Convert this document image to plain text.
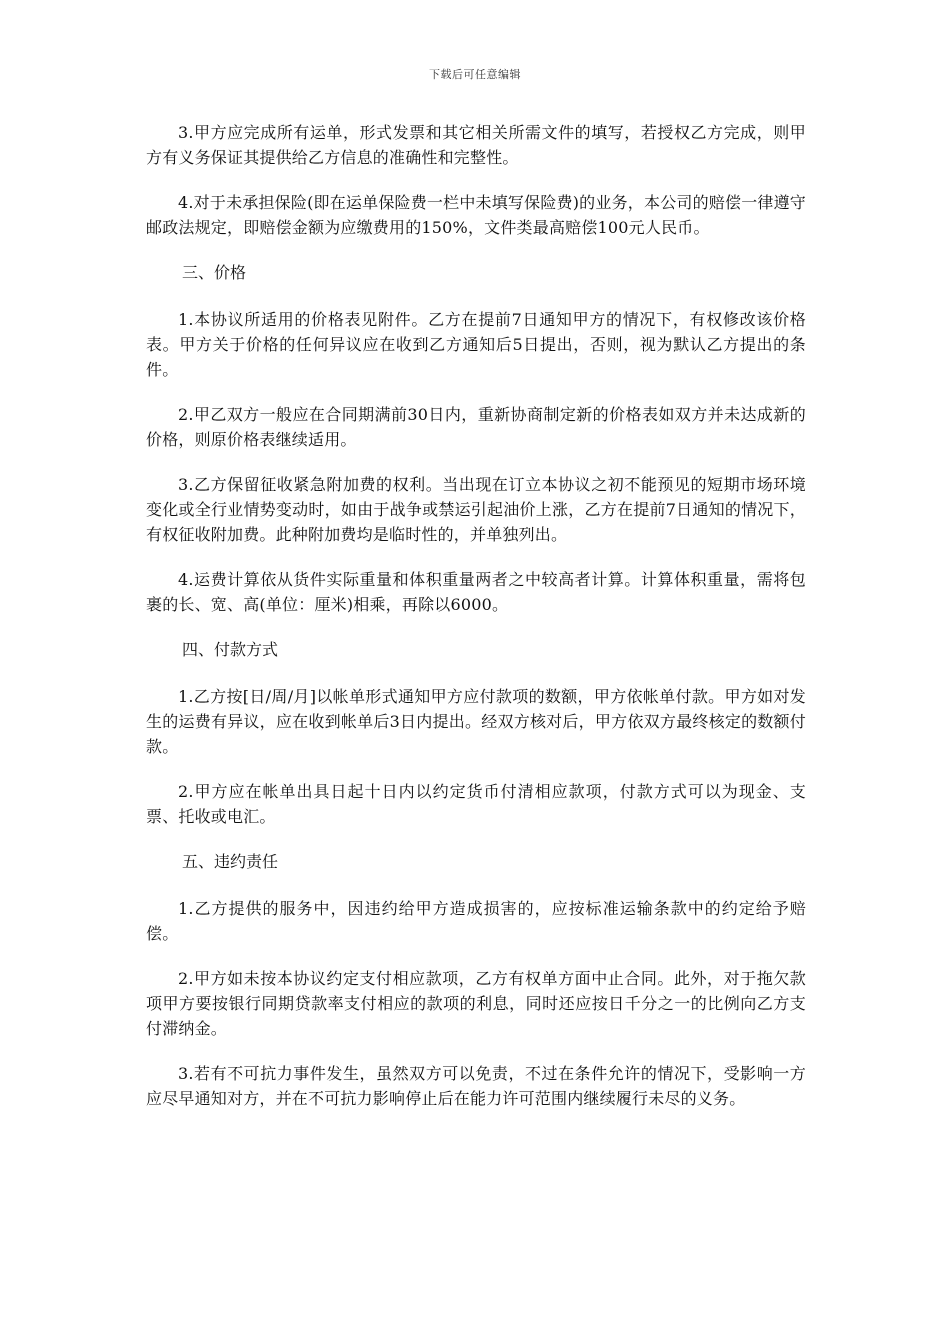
下载后可任意编辑

3.甲方应完成所有运单，形式发票和其它相关所需文件的填写，若授权乙方完成，则甲方有义务保证其提供给乙方信息的准确性和完整性。

4.对于未承担保险(即在运单保险费一栏中未填写保险费)的业务，本公司的赔偿一律遵守邮政法规定，即赔偿金额为应缴费用的150%，文件类最高赔偿100元人民币。

三、价格

1.本协议所适用的价格表见附件。乙方在提前7日通知甲方的情况下，有权修改该价格表。甲方关于价格的任何异议应在收到乙方通知后5日提出，否则，视为默认乙方提出的条件。

2.甲乙双方一般应在合同期满前30日内，重新协商制定新的价格表如双方并未达成新的价格，则原价格表继续适用。

3.乙方保留征收紧急附加费的权利。当出现在订立本协议之初不能预见的短期市场环境变化或全行业情势变动时，如由于战争或禁运引起油价上涨，乙方在提前7日通知的情况下，有权征收附加费。此种附加费均是临时性的，并单独列出。

4.运费计算依从货件实际重量和体积重量两者之中较高者计算。计算体积重量，需将包裹的长、宽、高(单位：厘米)相乘，再除以6000。

四、付款方式

1.乙方按[日/周/月]以帐单形式通知甲方应付款项的数额，甲方依帐单付款。甲方如对发生的运费有异议，应在收到帐单后3日内提出。经双方核对后，甲方依双方最终核定的数额付款。

2.甲方应在帐单出具日起十日内以约定货币付清相应款项，付款方式可以为现金、支票、托收或电汇。

五、违约责任

1.乙方提供的服务中，因违约给甲方造成损害的，应按标准运输条款中的约定给予赔偿。

2.甲方如未按本协议约定支付相应款项，乙方有权单方面中止合同。此外，对于拖欠款项甲方要按银行同期贷款率支付相应的款项的利息，同时还应按日千分之一的比例向乙方支付滞纳金。

3.若有不可抗力事件发生，虽然双方可以免责，不过在条件允许的情况下，受影响一方应尽早通知对方，并在不可抗力影响停止后在能力许可范围内继续履行未尽的义务。
